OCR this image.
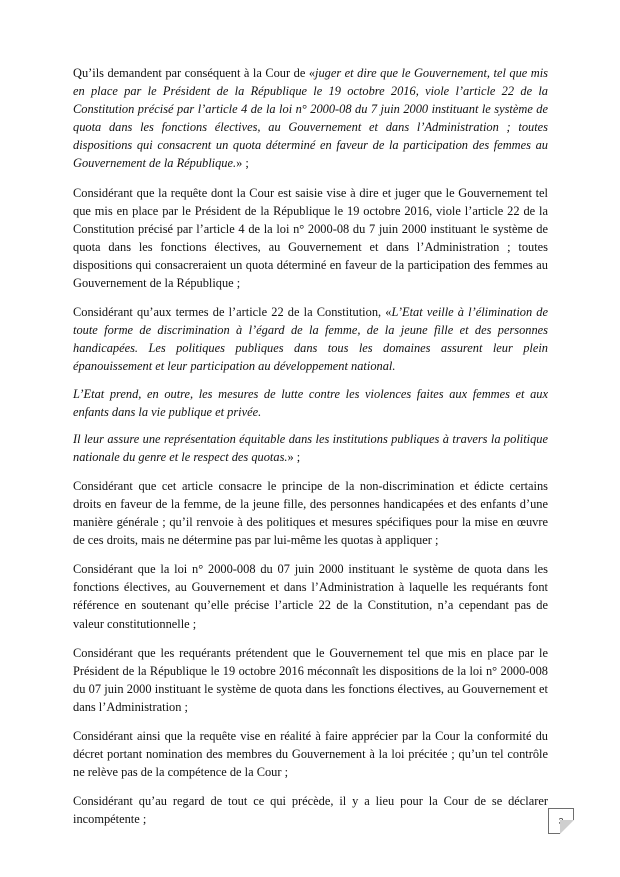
Qu’ils demandent par conséquent à la Cour de «juger et dire que le Gouvernement, tel que mis en place par le Président de la République le 19 octobre 2016, viole l’article 22 de la Constitution précisé par l’article 4 de la loi n° 2000-08 du 7 juin 2000 instituant le système de quota dans les fonctions électives, au Gouvernement et dans l’Administration ; toutes dispositions qui consacrent un quota déterminé en faveur de la participation des femmes au Gouvernement de la République.» ;

Considérant que la requête dont la Cour est saisie vise à dire et juger que le Gouvernement tel que mis en place par le Président de la République le 19 octobre 2016, viole l’article 22 de la Constitution précisé par l’article 4 de la loi n° 2000-08 du 7 juin 2000 instituant le système de quota dans les fonctions électives, au Gouvernement et dans l’Administration ; toutes dispositions qui consacreraient un quota déterminé en faveur de la participation des femmes au Gouvernement de la République ;

Considérant qu’aux termes de l’article 22 de la Constitution, «L’Etat veille à l’élimination de toute forme de discrimination à l’égard de la femme, de la jeune fille et des personnes handicapées. Les politiques publiques dans tous les domaines assurent leur plein épanouissement et leur participation au développement national.

L’Etat prend, en outre, les mesures de lutte contre les violences faites aux femmes et aux enfants dans la vie publique et privée.

Il leur assure une représentation équitable dans les institutions publiques à travers la politique nationale du genre et le respect des quotas.» ;

Considérant que cet article consacre le principe de la non-discrimination et édicte certains droits en faveur de la femme, de la jeune fille, des personnes handicapées et des enfants d’une manière générale ; qu’il renvoie à des politiques et mesures spécifiques pour la mise en œuvre de ces droits, mais ne détermine pas par lui-même les quotas à appliquer ;

Considérant que la loi n° 2000-008 du 07 juin 2000 instituant le système de quota dans les fonctions électives, au Gouvernement et dans l’Administration à laquelle les requérants font référence en soutenant qu’elle précise l’article 22 de la Constitution, n’a cependant pas de valeur constitutionnelle ;

Considérant que les requérants prétendent que le Gouvernement tel que mis en place par le Président de la République le 19 octobre 2016 méconnaît les dispositions de la loi n° 2000-008 du 07 juin 2000 instituant le système de quota dans les fonctions électives, au Gouvernement et dans l’Administration ;

Considérant ainsi que la requête vise en réalité à faire apprécier par la Cour la conformité du décret portant nomination des membres du Gouvernement à la loi précitée ; qu’un tel contrôle ne relève pas de la compétence de la Cour ;

Considérant qu’au regard de tout ce qui précède, il y a lieu pour la Cour de se déclarer incompétente ;	3
